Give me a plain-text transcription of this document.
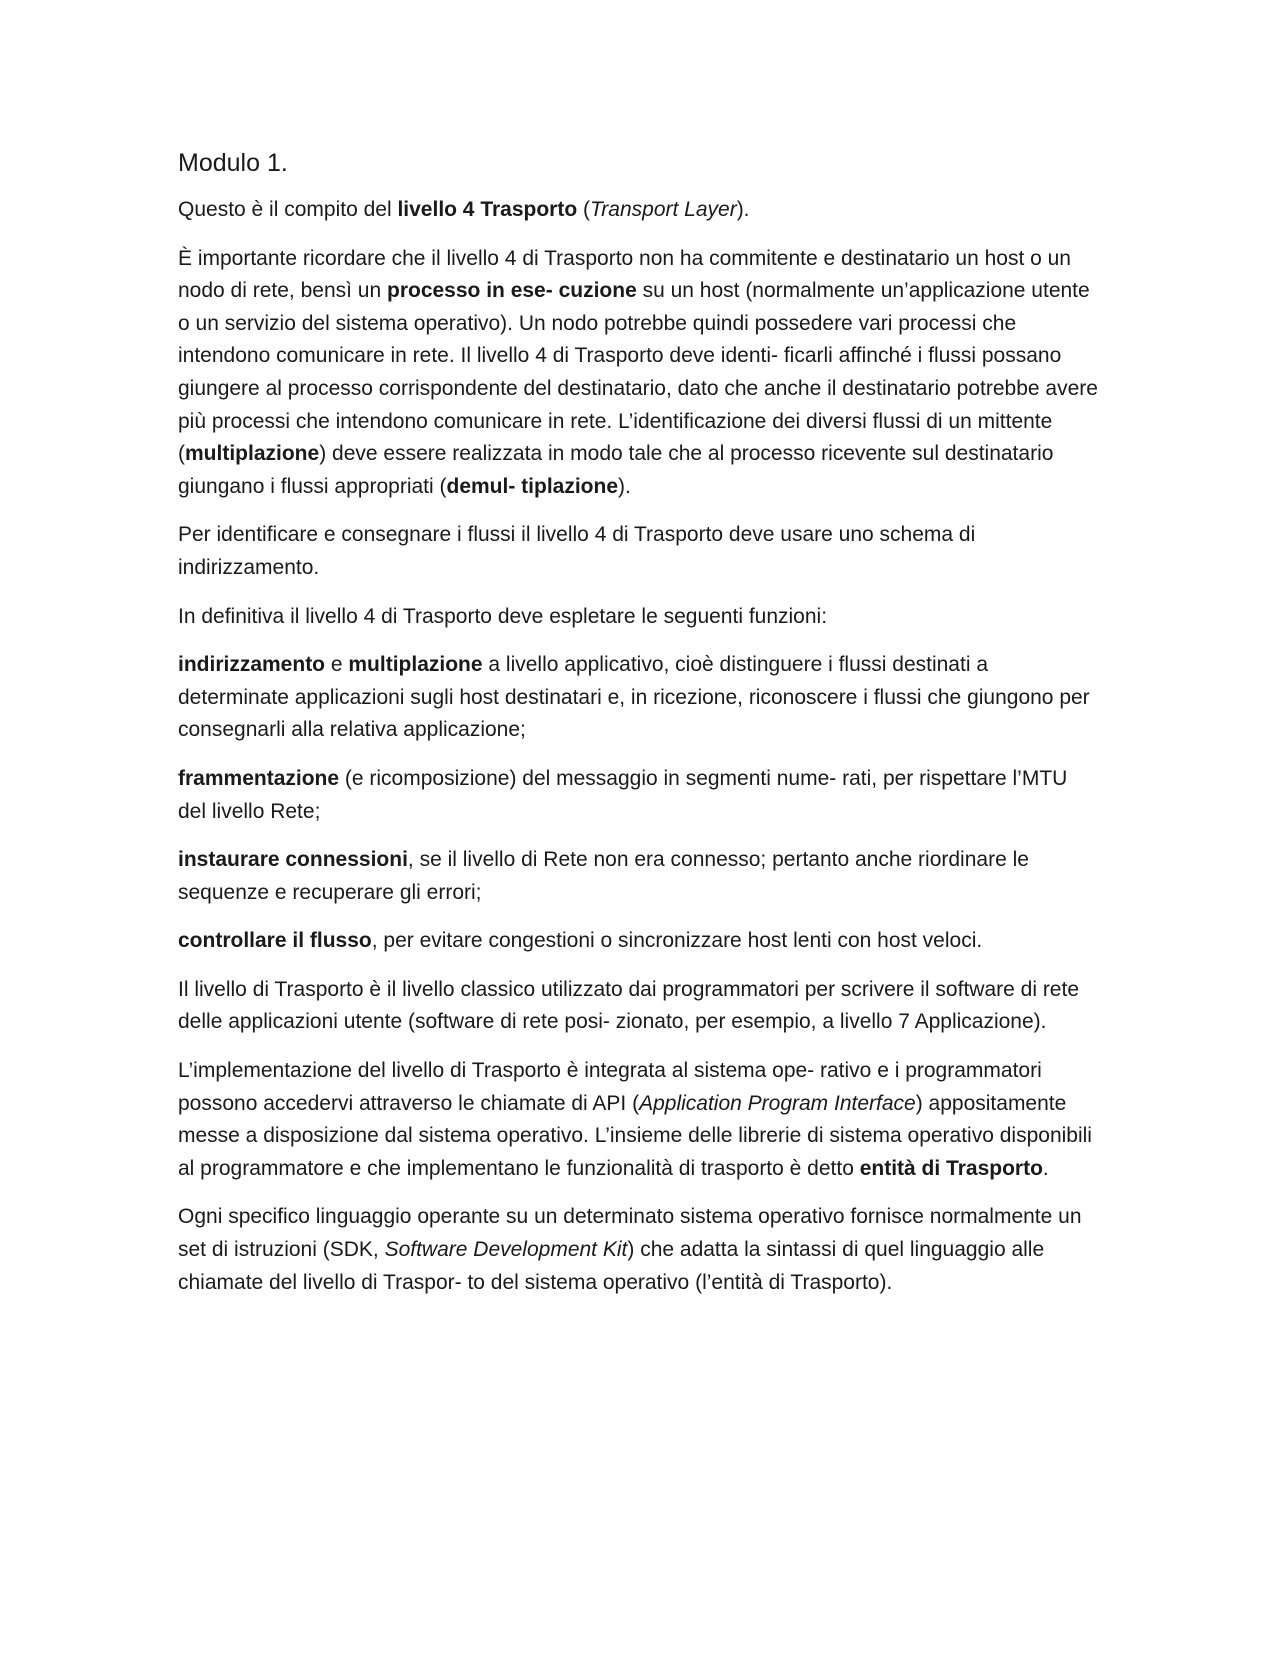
Modulo 1.

Questo è il compito del livello 4 Trasporto (Transport Layer).

È importante ricordare che il livello 4 di Trasporto non ha commitente e destinatario un host o un nodo di rete, bensì un processo in ese- cuzione su un host (normalmente un’applicazione utente o un servizio del sistema operativo). Un nodo potrebbe quindi possedere vari processi che intendono comunicare in rete. Il livello 4 di Trasporto deve identi- ficarli affinché i flussi possano giungere al processo corrispondente del destinatario, dato che anche il destinatario potrebbe avere più processi che intendono comunicare in rete. L’identificazione dei diversi flussi di un mittente (multiplazione) deve essere realizzata in modo tale che al processo ricevente sul destinatario giungano i flussi appropriati (demul- tiplazione).

Per identificare e consegnare i flussi il livello 4 di Trasporto deve usare uno schema di indirizzamento.

In definitiva il livello 4 di Trasporto deve espletare le seguenti funzioni:

indirizzamento e multiplazione a livello applicativo, cioè distinguere i flussi destinati a determinate applicazioni sugli host destinatari e, in ricezione, riconoscere i flussi che giungono per consegnarli alla relativa applicazione;

frammentazione (e ricomposizione) del messaggio in segmenti nume- rati, per rispettare l’MTU del livello Rete;

instaurare connessioni, se il livello di Rete non era connesso; pertanto anche riordinare le sequenze e recuperare gli errori;

controllare il flusso, per evitare congestioni o sincronizzare host lenti con host veloci.

Il livello di Trasporto è il livello classico utilizzato dai programmatori per scrivere il software di rete delle applicazioni utente (software di rete posi- zionato, per esempio, a livello 7 Applicazione).

L’implementazione del livello di Trasporto è integrata al sistema ope- rativo e i programmatori possono accedervi attraverso le chiamate di API (Application Program Interface) appositamente messe a disposizione dal sistema operativo. L’insieme delle librerie di sistema operativo disponibili al programmatore e che implementano le funzionalità di trasporto è detto entità di Trasporto.

Ogni specifico linguaggio operante su un determinato sistema operativo fornisce normalmente un set di istruzioni (SDK, Software Development Kit) che adatta la sintassi di quel linguaggio alle chiamate del livello di Traspor- to del sistema operativo (l’entità di Trasporto).
